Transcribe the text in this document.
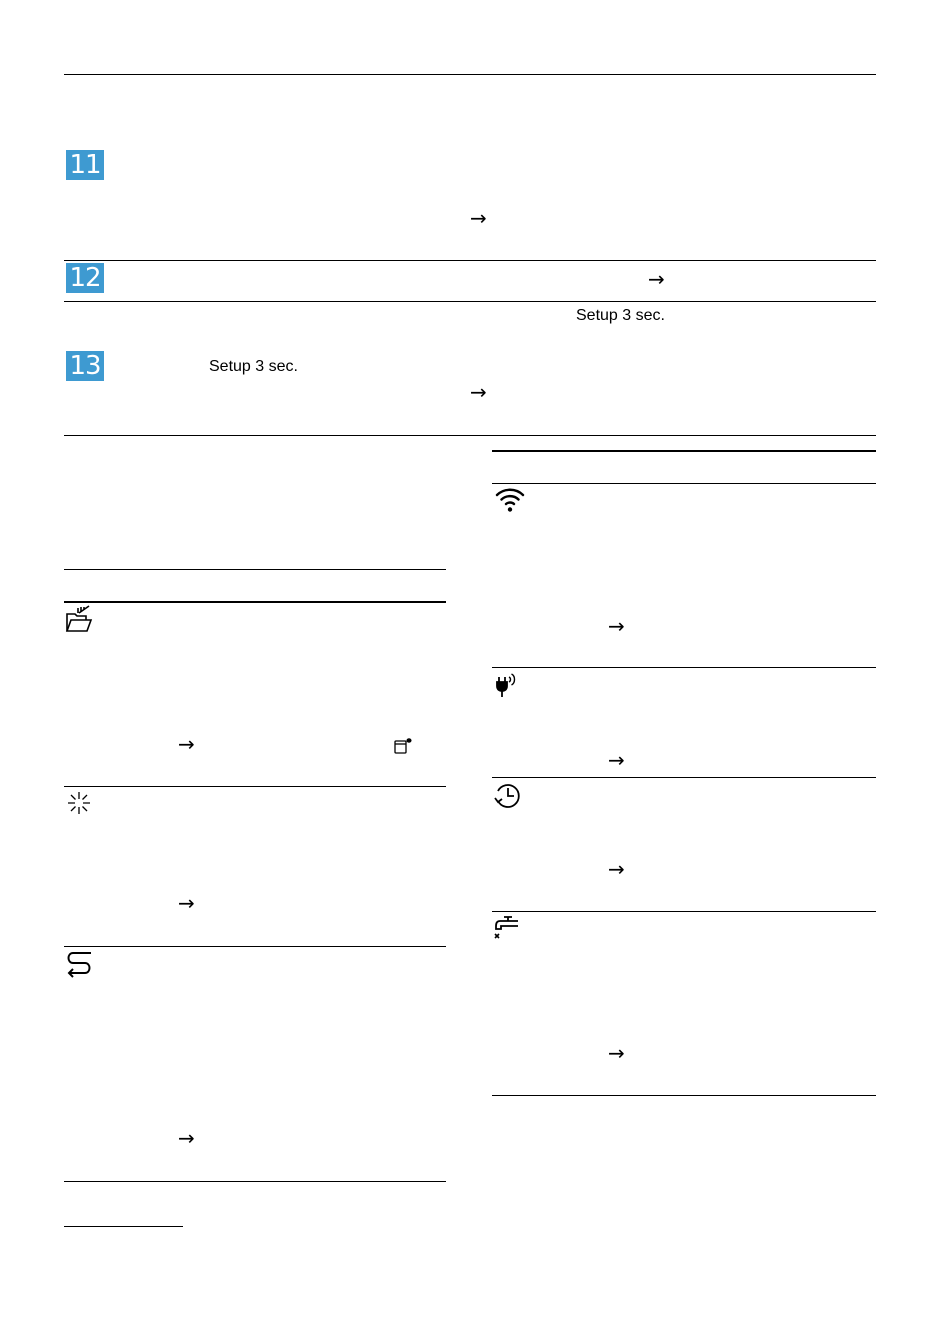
11
→
12	→
Setup 3 sec.
13	Setup 3 sec.
→
→
→
→
→
→
→
→
